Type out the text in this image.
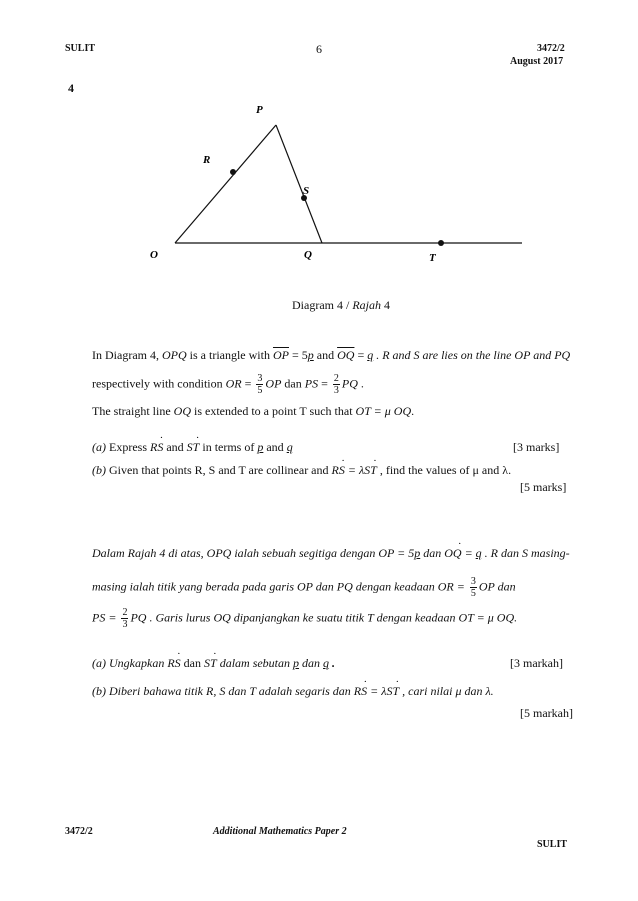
SULIT	6	3472/2
August 2017
4
P
R
S
O	Q	T
Diagram 4 / Rajah 4
In Diagram 4, OPQ is a triangle with $\overline{OP} = 5p$ and $\overline{OQ} = q$ . R and S are lies on the line OP and PQ
respectively with condition OR = $\frac{3}{5}$ OP dan PS = $\frac{2}{3}$ PQ .
The straight line OQ is extended to a point T such that OT = μ OQ.
(a) Express · RS and · ST in terms of p and q	[3 marks]
(b) Given that points R, S and T are collinear and · RS = λ· ST , find the values of μ and λ.
[5 marks]
Dalam Rajah 4 di atas, OPQ ialah sebuah segitiga dengan OP = 5p dan · OQ = q . R dan S masing-
masing ialah titik yang berada pada garis OP dan PQ dengan keadaan OR = $\frac{3}{5}$ OP dan
PS = $\frac{2}{3}$ PQ . Garis lurus OQ dipanjangkan ke suatu titik T dengan keadaan OT = μ OQ.
(a) Ungkapkan · RS dan · ST dalam sebutan p dan q .	[3 markah]
(b) Diberi bahawa titik R, S dan T adalah segaris dan · RS = λ· ST , cari nilai μ dan λ.
[5 markah]
3472/2	Additional Mathematics Paper 2
SULIT
